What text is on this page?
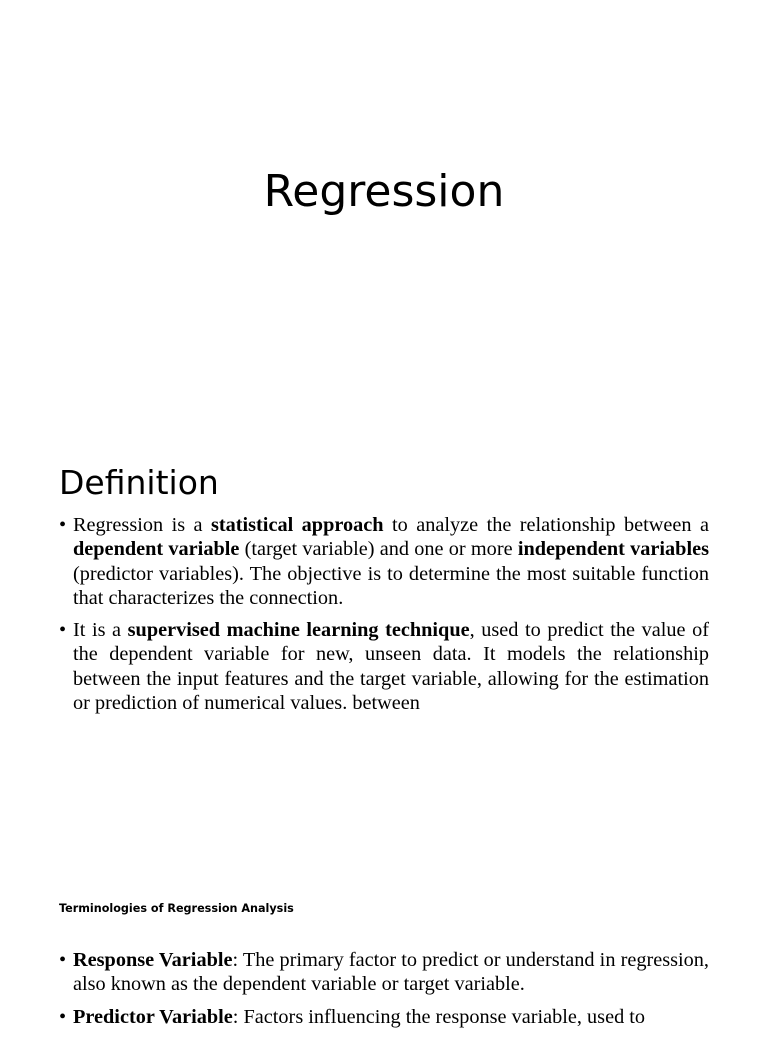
Regression
Definition
• Regression is a statistical approach to analyze the relationship between a dependent variable (target variable) and one or more independent variables (predictor variables). The objective is to determine the most suitable function that characterizes the connection.
• It is a supervised machine learning technique, used to predict the value of the dependent variable for new, unseen data. It models the relationship between the input features and the target variable, allowing for the estimation or prediction of numerical values. between
Terminologies of Regression Analysis
• Response Variable: The primary factor to predict or understand in regression, also known as the dependent variable or target variable.
• Predictor Variable: Factors influencing the response variable, used to
